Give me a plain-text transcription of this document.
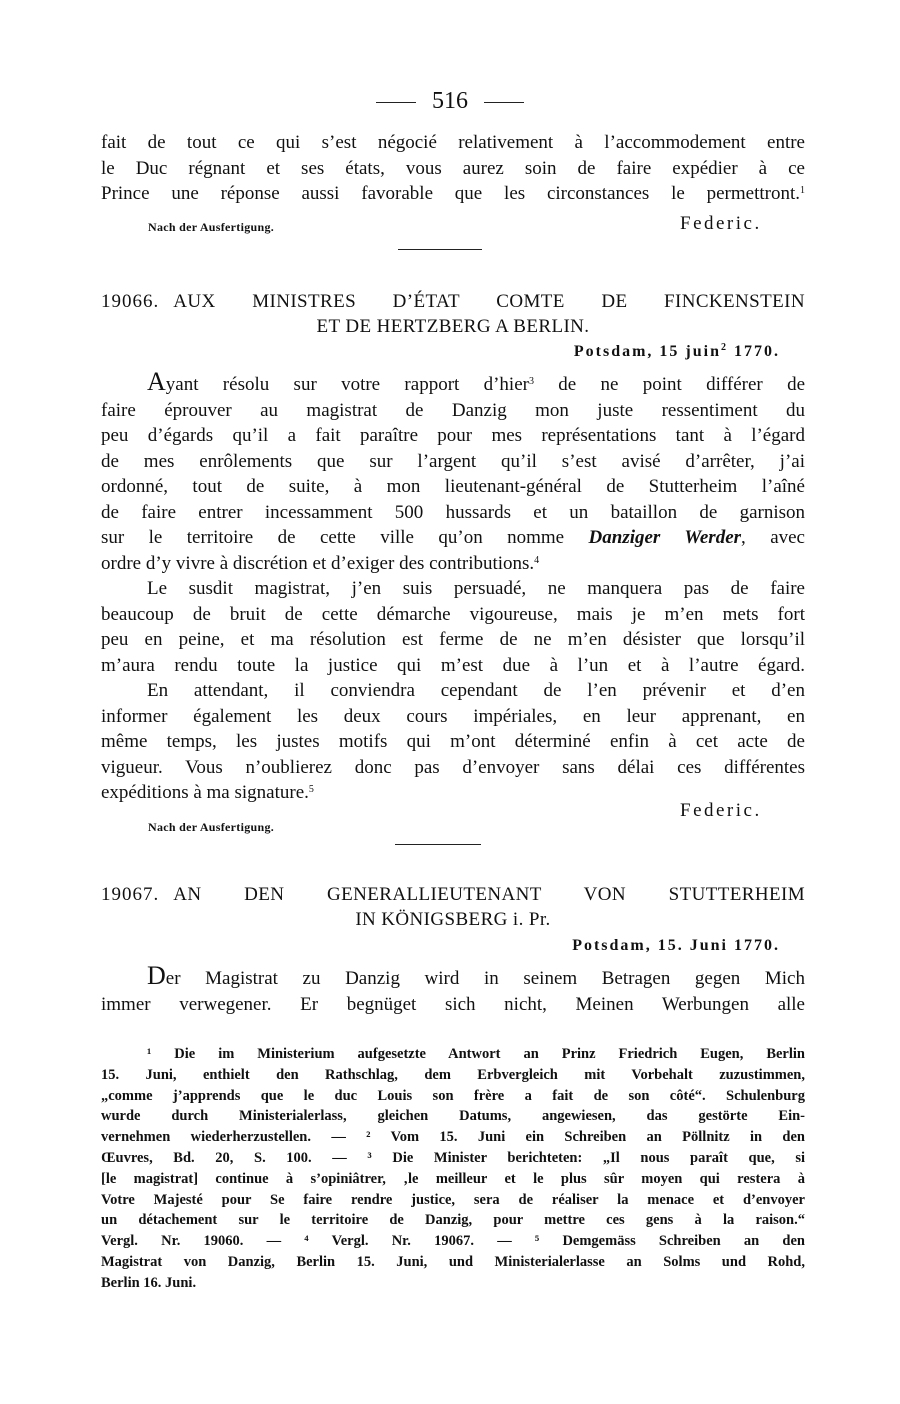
516
fait de tout ce qui s’est négocié relativement à l’accommodement entre
le Duc régnant et ses états, vous aurez soin de faire expédier à ce
Prince une réponse aussi favorable que les circonstances le permettront.$^1$
Nach der Ausfertigung.	Federic.
19066. AUX MINISTRES D’ÉTAT COMTE DE FINCKENSTEIN
ET DE HERTZBERG A BERLIN.
Potsdam, 15 juin$^2$ 1770.
Ayant résolu sur votre rapport d’hier$^3$ de ne point différer de
faire éprouver au magistrat de Danzig mon juste ressentiment du
peu d’égards qu’il a fait paraître pour mes représentations tant à l’égard
de mes enrôlements que sur l’argent qu’il s’est avisé d’arrêter, j’ai
ordonné, tout de suite, à mon lieutenant-général de Stutterheim l’aîné
de faire entrer incessamment 500 hussards et un bataillon de garnison
sur le territoire de cette ville qu’on nomme Danziger Werder, avec
ordre d’y vivre à discrétion et d’exiger des contributions.$^4$
Le susdit magistrat, j’en suis persuadé, ne manquera pas de faire
beaucoup de bruit de cette démarche vigoureuse, mais je m’en mets fort
peu en peine, et ma résolution est ferme de ne m’en désister que lorsqu’il
m’aura rendu toute la justice qui m’est due à l’un et à l’autre égard.
En attendant, il conviendra cependant de l’en prévenir et d’en
informer également les deux cours impériales, en leur apprenant, en
même temps, les justes motifs qui m’ont déterminé enfin à cet acte de
vigueur. Vous n’oublierez donc pas d’envoyer sans délai ces différentes
expéditions à ma signature.$^5$
Federic.
Nach der Ausfertigung.
19067. AN DEN GENERALLIEUTENANT VON STUTTERHEIM
IN KÖNIGSBERG i. Pr.
Potsdam, 15. Juni 1770.
Der Magistrat zu Danzig wird in seinem Betragen gegen Mich
immer verwegener. Er begnüget sich nicht, Meinen Werbungen alle
¹ Die im Ministerium aufgesetzte Antwort an Prinz Friedrich Eugen, Berlin
15. Juni, enthielt den Rathschlag, dem Erbvergleich mit Vorbehalt zuzustimmen,
„comme j’apprends que le duc Louis son frère a fait de son côté“. Schulenburg
wurde durch Ministerialerlass, gleichen Datums, angewiesen, das gestörte Ein-
vernehmen wiederherzustellen. — ² Vom 15. Juni ein Schreiben an Pöllnitz in den
Œuvres, Bd. 20, S. 100. — ³ Die Minister berichteten: „Il nous paraît que, si
[le magistrat] continue à s’opiniâtrer, ‚le meilleur et le plus sûr moyen qui restera à
Votre Majesté pour Se faire rendre justice, sera de réaliser la menace et d’envoyer
un détachement sur le territoire de Danzig, pour mettre ces gens à la raison.“
Vergl. Nr. 19060. — ⁴ Vergl. Nr. 19067. — ⁵ Demgemäss Schreiben an den
Magistrat von Danzig, Berlin 15. Juni, und Ministerialerlasse an Solms und Rohd,
Berlin 16. Juni.
